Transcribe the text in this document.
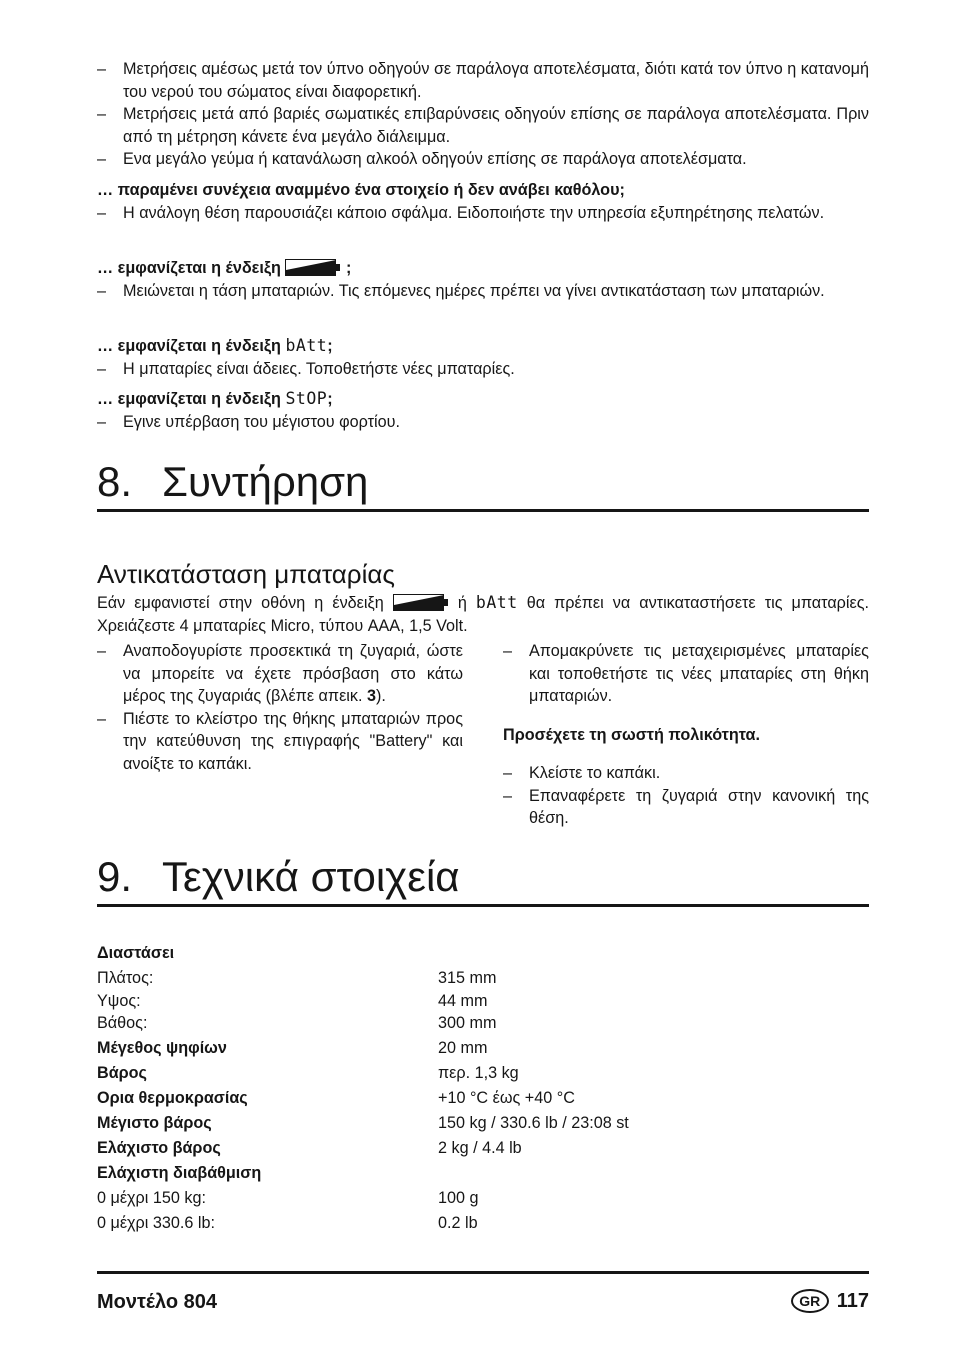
– Μετρήσεις αμέσως μετά τον ύπνο οδηγούν σε παράλογα αποτελέσματα, διότι κατά τον ύπνο η κατανομή του νερού του σώματος είναι διαφορετική.
– Μετρήσεις μετά από βαριές σωματικές επιβαρύνσεις οδηγούν επίσης σε παράλογα αποτελέσματα. Πριν από τη μέτρηση κάνετε ένα μεγάλο διάλειμμα.
– Ενα μεγάλο γεύμα ή κατανάλωση αλκοόλ οδηγούν επίσης σε παράλογα αποτελέσματα.
… παραμένει συνέχεια αναμμένο ένα στοιχείο ή δεν ανάβει καθόλου;
– Η ανάλογη θέση παρουσιάζει κάποιο σφάλμα. Ειδοποιήστε την υπηρεσία εξυπηρέτησης πελατών.
… εμφανίζεται η ένδειξη	;
– Μειώνεται η τάση μπαταριών. Τις επόμενες ημέρες πρέπει να γίνει αντικατάσταση των μπαταριών.
… εμφανίζεται η ένδειξη bAtt;
– Η μπαταρίες είναι άδειες. Τοποθετήστε νέες μπαταρίες.
… εμφανίζεται η ένδειξη StOP;
– Εγινε υπέρβαση του μέγιστου φορτίου.
8. Συντήρηση
Αντικατάσταση μπαταρίας
Εάν εμφανιστεί στην οθόνη η ένδειξη	ή bAtt θα πρέπει να αντικαταστήσετε τις μπαταρίες. Χρειάζεστε 4 μπαταρίες Micro, τύπου AAA, 1,5 Volt.
– Αναποδογυρίστε προσεκτικά τη ζυγαριά, ώστε να μπορείτε να έχετε πρόσβαση στο κάτω μέρος της ζυγαριάς (βλέπε απεικ. 3).
– Πιέστε το κλείστρο της θήκης μπαταριών προς την κατεύθυνση της επιγραφής "Battery" και ανοίξτε το καπάκι.
– Απομακρύνετε τις μεταχειρισμένες μπαταρίες και τοποθετήστε τις νέες μπαταρίες στη θήκη μπαταριών.
Προσέχετε τη σωστή πολικότητα.
– Κλείστε το καπάκι.
– Επαναφέρετε τη ζυγαριά στην κανονική της θέση.
9. Τεχνικά στοιχεία
Διαστάσει
Πλάτος:	315 mm
Υψος:	44 mm
Βάθος:	300 mm
Μέγεθος ψηφίων	20 mm
Βάρος	περ. 1,3 kg
Ορια θερμοκρασίας	+10 °C έως +40 °C
Μέγιστο βάρος	150 kg / 330.6 lb / 23:08 st
Ελάχιστο βάρος	2 kg / 4.4 lb
Ελάχιστη διαβάθμιση
0 μέχρι 150 kg:	100 g
0 μέχρι 330.6 lb:	0.2 lb
Μοντέλο 804	GR 117
